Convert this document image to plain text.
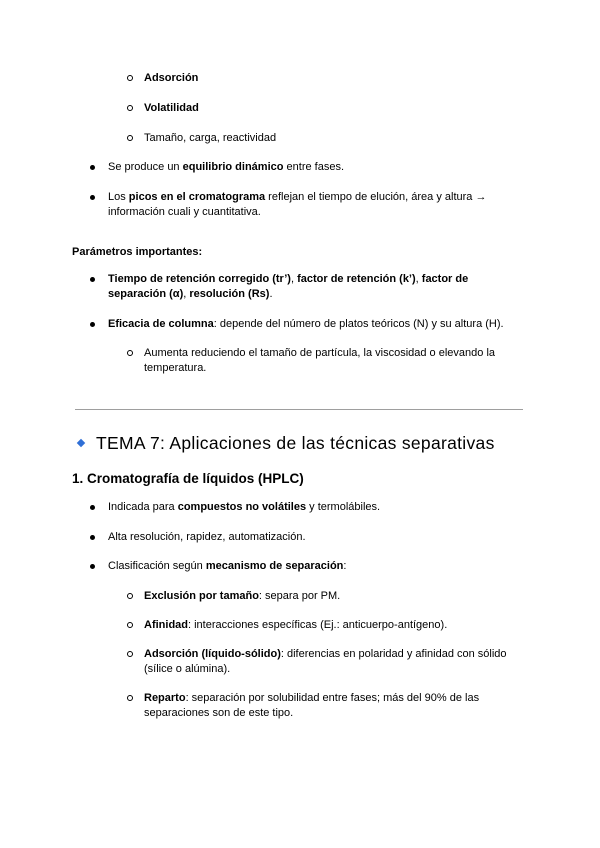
Adsorción
Volatilidad
Tamaño, carga, reactividad
Se produce un equilibrio dinámico entre fases.
Los picos en el cromatograma reflejan el tiempo de elución, área y altura → información cuali y cuantitativa.
Parámetros importantes:
Tiempo de retención corregido (tr’), factor de retención (k’), factor de separación (α), resolución (Rs).
Eficacia de columna: depende del número de platos teóricos (N) y su altura (H).
Aumenta reduciendo el tamaño de partícula, la viscosidad o elevando la temperatura.
TEMA 7: Aplicaciones de las técnicas separativas
1. Cromatografía de líquidos (HPLC)
Indicada para compuestos no volátiles y termolábiles.
Alta resolución, rapidez, automatización.
Clasificación según mecanismo de separación:
Exclusión por tamaño: separa por PM.
Afinidad: interacciones específicas (Ej.: anticuerpo-antígeno).
Adsorción (líquido-sólido): diferencias en polaridad y afinidad con sólido (sílice o alúmina).
Reparto: separación por solubilidad entre fases; más del 90% de las separaciones son de este tipo.
